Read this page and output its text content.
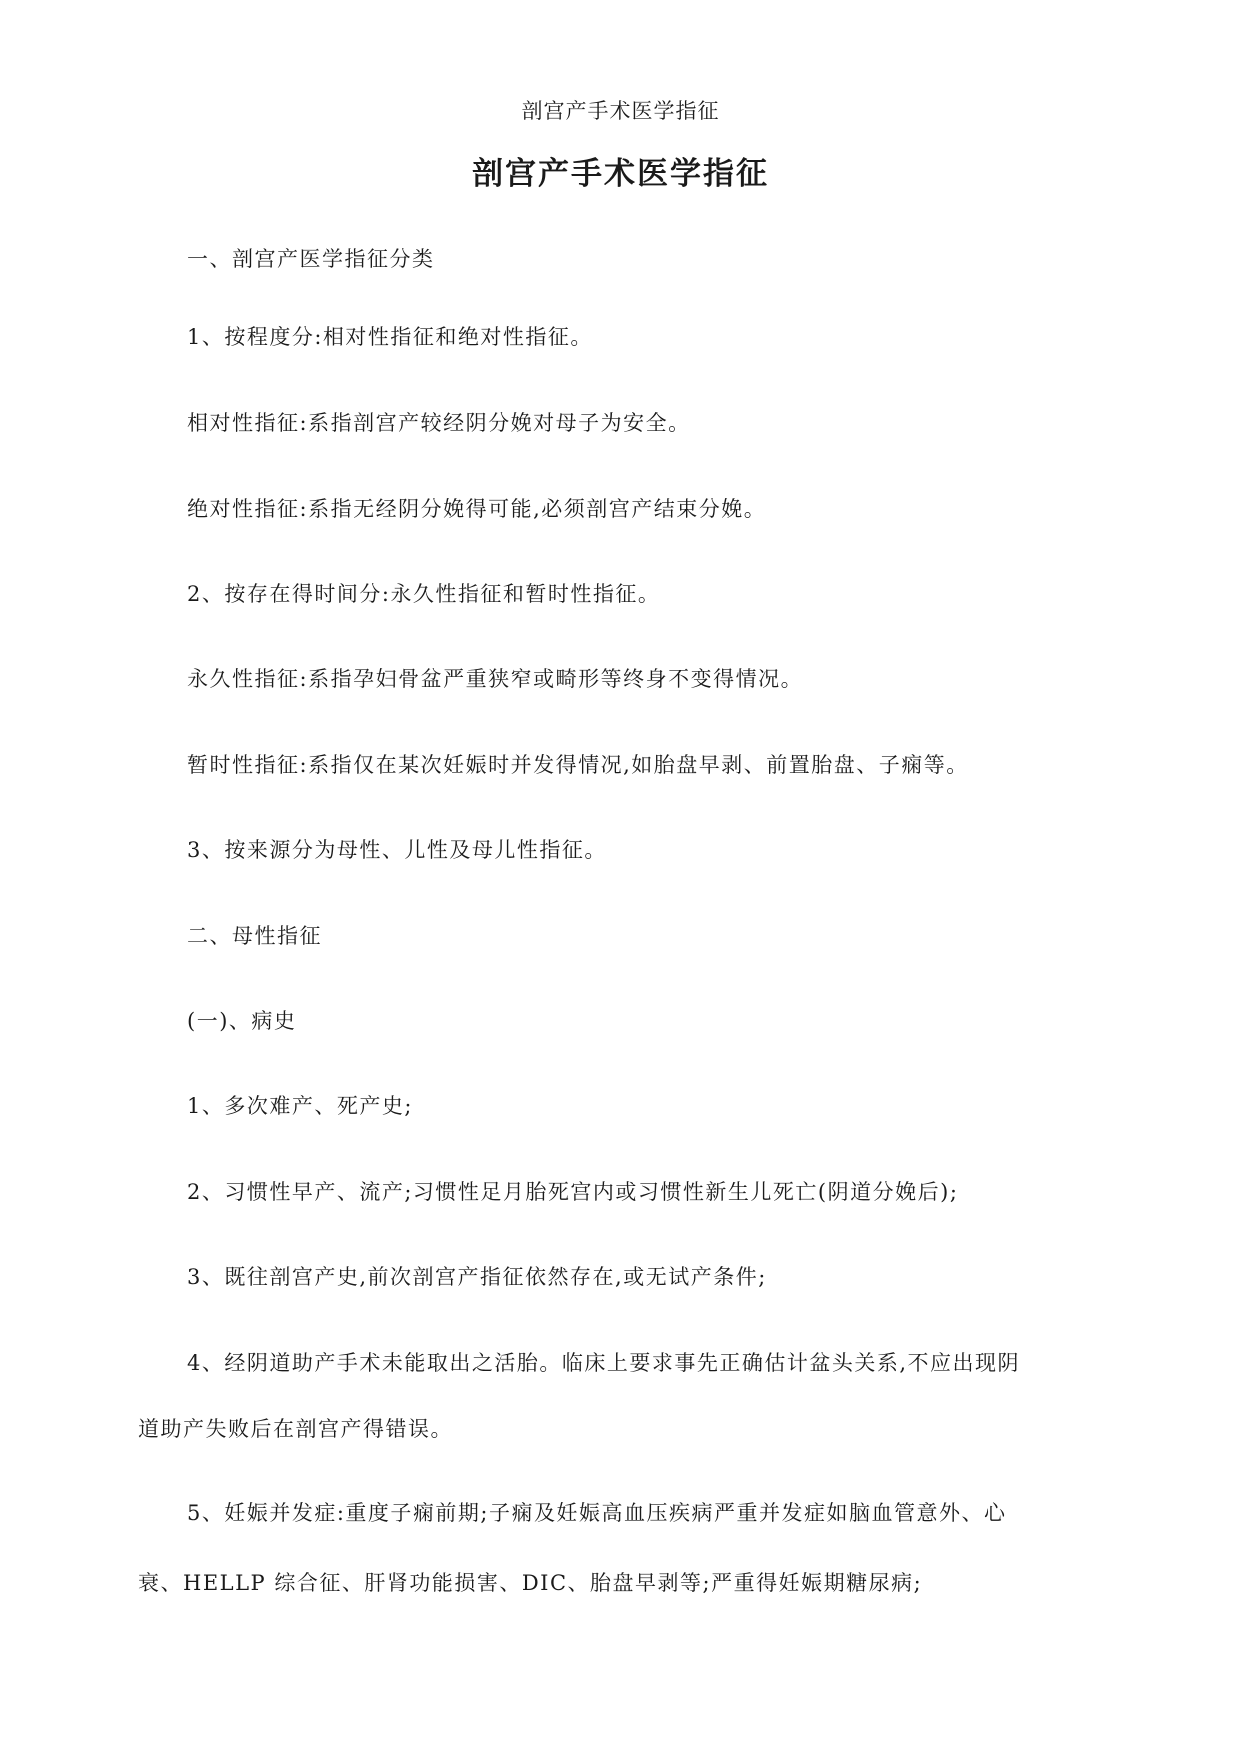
剖宫产手术医学指征
剖宫产手术医学指征
一、剖宫产医学指征分类
1、按程度分:相对性指征和绝对性指征。
相对性指征:系指剖宫产较经阴分娩对母子为安全。
绝对性指征:系指无经阴分娩得可能,必须剖宫产结束分娩。
2、按存在得时间分:永久性指征和暂时性指征。
永久性指征:系指孕妇骨盆严重狭窄或畸形等终身不变得情况。
暂时性指征:系指仅在某次妊娠时并发得情况,如胎盘早剥、前置胎盘、子痫等。
3、按来源分为母性、儿性及母儿性指征。
二、母性指征
(一)、病史
1、多次难产、死产史;
2、习惯性早产、流产;习惯性足月胎死宫内或习惯性新生儿死亡(阴道分娩后);
3、既往剖宫产史,前次剖宫产指征依然存在,或无试产条件;
4、经阴道助产手术未能取出之活胎。临床上要求事先正确估计盆头关系,不应出现阴
道助产失败后在剖宫产得错误。
5、妊娠并发症:重度子痫前期;子痫及妊娠高血压疾病严重并发症如脑血管意外、心
衰、HELLP 综合征、肝肾功能损害、DIC、胎盘早剥等;严重得妊娠期糖尿病;
